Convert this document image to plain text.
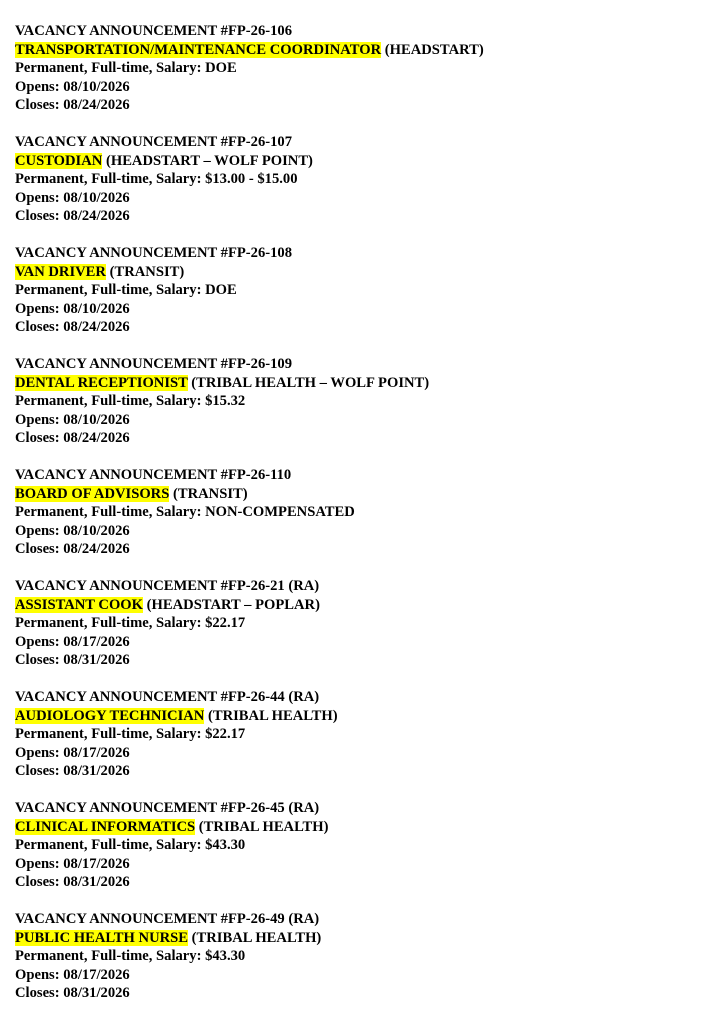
VACANCY ANNOUNCEMENT #FP-26-106
TRANSPORTATION/MAINTENANCE COORDINATOR (HEADSTART)
Permanent, Full-time, Salary: DOE
Opens: 08/10/2026
Closes: 08/24/2026
VACANCY ANNOUNCEMENT #FP-26-107
CUSTODIAN (HEADSTART – WOLF POINT)
Permanent, Full-time, Salary: $13.00 - $15.00
Opens: 08/10/2026
Closes: 08/24/2026
VACANCY ANNOUNCEMENT #FP-26-108
VAN DRIVER (TRANSIT)
Permanent, Full-time, Salary: DOE
Opens: 08/10/2026
Closes: 08/24/2026
VACANCY ANNOUNCEMENT #FP-26-109
DENTAL RECEPTIONIST (TRIBAL HEALTH – WOLF POINT)
Permanent, Full-time, Salary: $15.32
Opens: 08/10/2026
Closes: 08/24/2026
VACANCY ANNOUNCEMENT #FP-26-110
BOARD OF ADVISORS (TRANSIT)
Permanent, Full-time, Salary: NON-COMPENSATED
Opens: 08/10/2026
Closes: 08/24/2026
VACANCY ANNOUNCEMENT #FP-26-21 (RA)
ASSISTANT COOK (HEADSTART – POPLAR)
Permanent, Full-time, Salary: $22.17
Opens: 08/17/2026
Closes: 08/31/2026
VACANCY ANNOUNCEMENT #FP-26-44 (RA)
AUDIOLOGY TECHNICIAN (TRIBAL HEALTH)
Permanent, Full-time, Salary: $22.17
Opens: 08/17/2026
Closes: 08/31/2026
VACANCY ANNOUNCEMENT #FP-26-45 (RA)
CLINICAL INFORMATICS (TRIBAL HEALTH)
Permanent, Full-time, Salary: $43.30
Opens: 08/17/2026
Closes: 08/31/2026
VACANCY ANNOUNCEMENT #FP-26-49 (RA)
PUBLIC HEALTH NURSE (TRIBAL HEALTH)
Permanent, Full-time, Salary: $43.30
Opens: 08/17/2026
Closes: 08/31/2026
